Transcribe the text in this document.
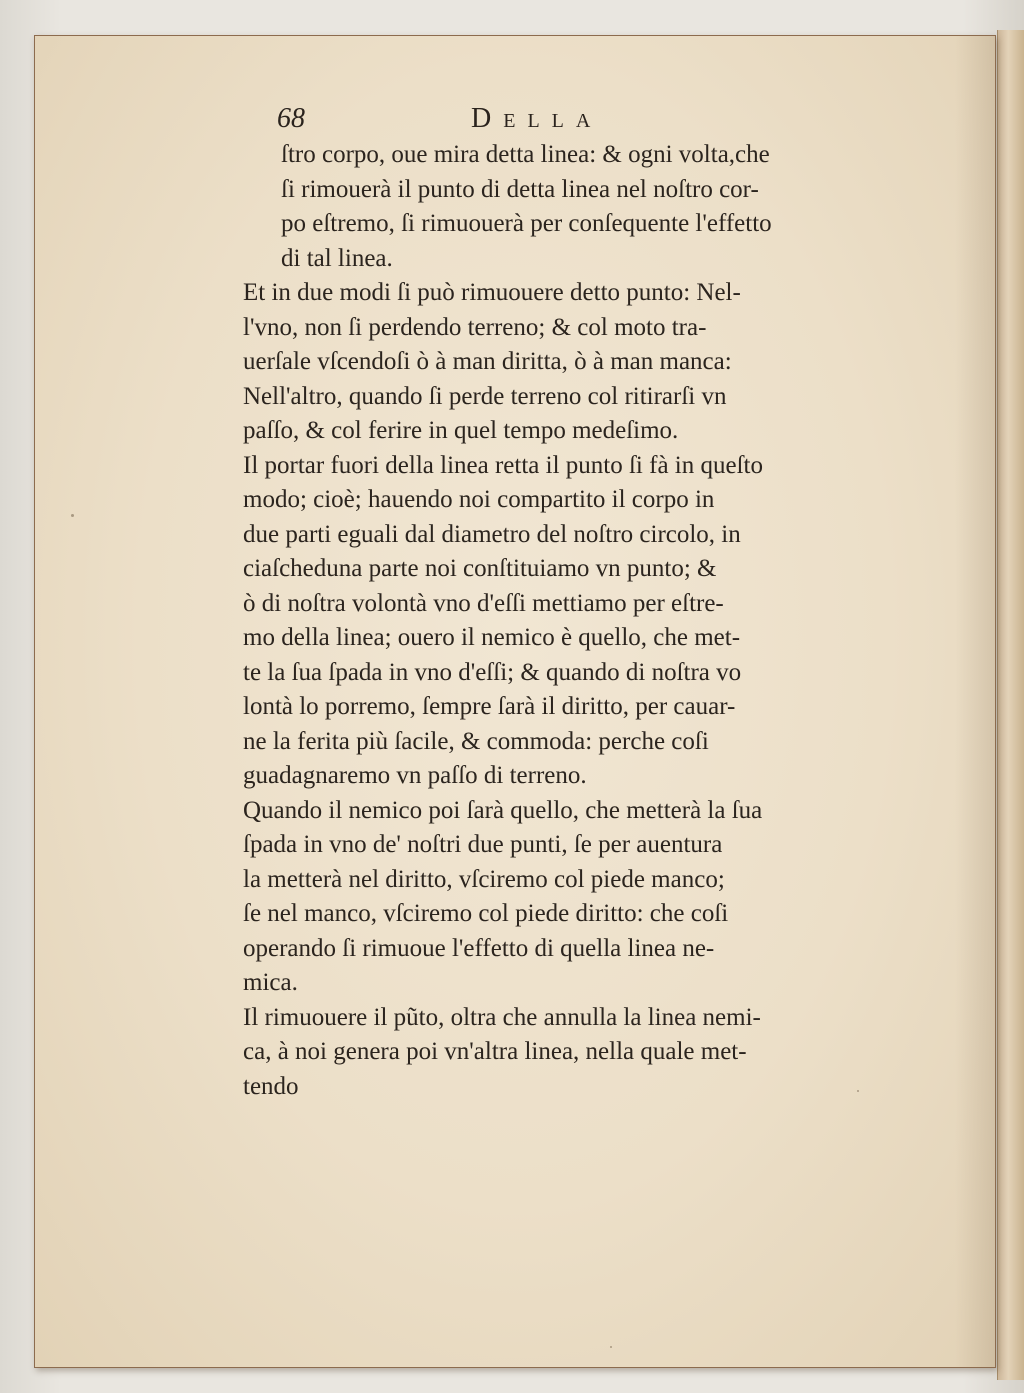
68	Della

ſtro corpo, oue mira detta linea: & ogni volta,che
ſi rimouerà il punto di detta linea nel noſtro cor-
po eſtremo, ſi rimuouerà per conſequente l'effetto
di tal linea.

Et in due modi ſi può rimuouere detto punto: Nel-
l'vno, non ſi perdendo terreno; & col moto tra-
uerſale vſcendoſi ò à man diritta, ò à man manca:
Nell'altro, quando ſi perde terreno col ritirarſi vn
paſſo, & col ferire in quel tempo medeſimo.

Il portar fuori della linea retta il punto ſi fà in queſto
modo; cioè; hauendo noi compartito il corpo in
due parti eguali dal diametro del noſtro circolo, in
ciaſcheduna parte noi conſtituiamo vn punto; &
ò di noſtra volontà vno d'eſſi mettiamo per eſtre-
mo della linea; ouero il nemico è quello, che met-
te la ſua ſpada in vno d'eſſi; & quando di noſtra vo
lontà lo porremo, ſempre ſarà il diritto, per cauar-
ne la ferita più ſacile, & commoda: perche coſi
guadagnaremo vn paſſo di terreno.

Quando il nemico poi ſarà quello, che metterà la ſua
ſpada in vno de' noſtri due punti, ſe per auentura
la metterà nel diritto, vſciremo col piede manco;
ſe nel manco, vſciremo col piede diritto: che coſi
operando ſi rimuoue l'effetto di quella linea ne-
mica.

Il rimuouere il pũto, oltra che annulla la linea nemi-
ca, à noi genera poi vn'altra linea, nella quale met-
tendo
